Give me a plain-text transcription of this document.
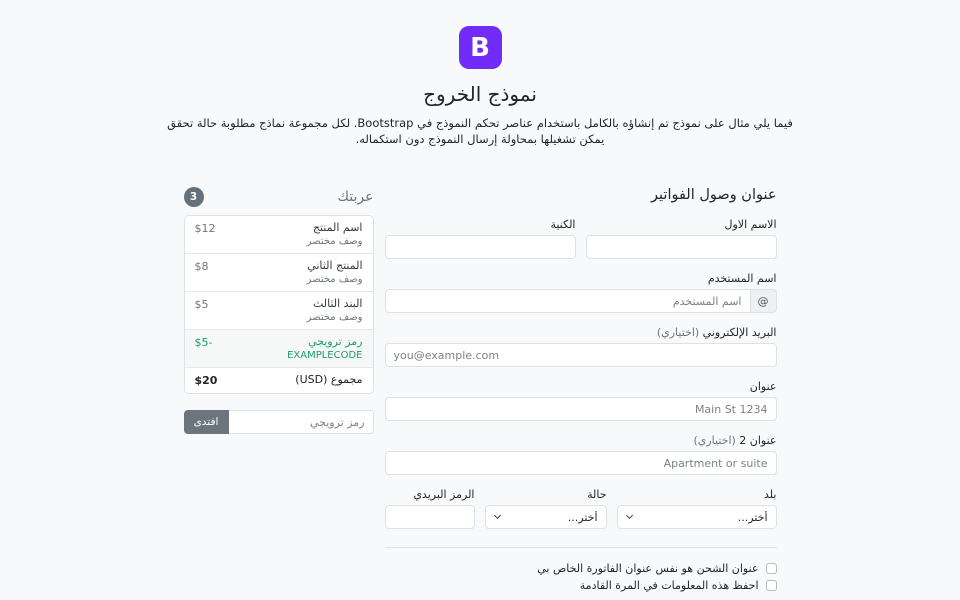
B
نموذج الخروج

فيما يلي مثال على نموذج تم إنشاؤه بالكامل باستخدام عناصر تحكم النموذج في Bootstrap. لكل مجموعة نماذج مطلوبة حالة تحقق يمكن تشغيلها بمحاولة إرسال النموذج دون استكماله.

عنوان وصول الفواتير
الاسم الاول
الكنية
اسم المستخدم
@
اسم المستخدم
البريد الإلكتروني (اختياري)
you@example.com
عنوان
1234 Main St
عنوان 2 (اختياري)
Apartment or suite
بلد
أختر...
حالة
أختر...
الرمز البريدي
عنوان الشحن هو نفس عنوان الفاتورة الخاص بي
احفظ هذه المعلومات في المرة القادمة
عربتك
3
اسم المنتج
وصف مختصر
$12
المنتج الثاني
وصف مختصر
$8
البند الثالث
وصف مختصر
$5
رمز ترويجي
EXAMPLECODE
-$5
مجموع (USD)
$20
رمز ترويجي
افتدى
